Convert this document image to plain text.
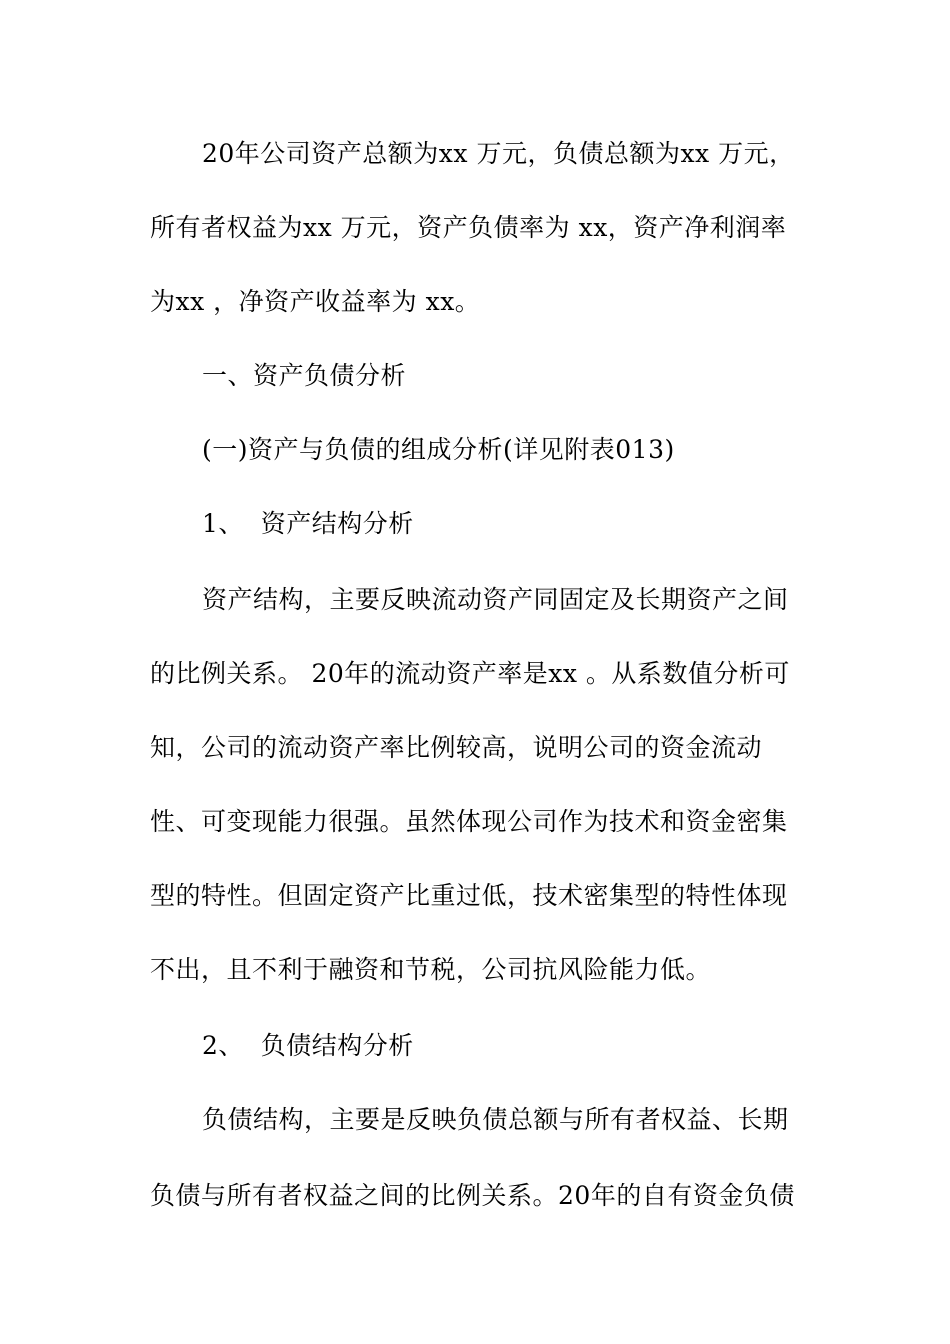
20年公司资产总额为xx 万元，负债总额为xx 万元，
所有者权益为xx 万元，资产负债率为 xx，资产净利润率
为xx ，净资产收益率为 xx。
一、资产负债分析
(一)资产与负债的组成分析(详见附表013)
1、  资产结构分析
资产结构，主要反映流动资产同固定及长期资产之间
的比例关系。 20年的流动资产率是xx 。从系数值分析可
知，公司的流动资产率比例较高，说明公司的资金流动
性、可变现能力很强。虽然体现公司作为技术和资金密集
型的特性。但固定资产比重过低，技术密集型的特性体现
不出，且不利于融资和节税，公司抗风险能力低。
2、  负债结构分析
负债结构，主要是反映负债总额与所有者权益、长期
负债与所有者权益之间的比例关系。20年的自有资金负债
